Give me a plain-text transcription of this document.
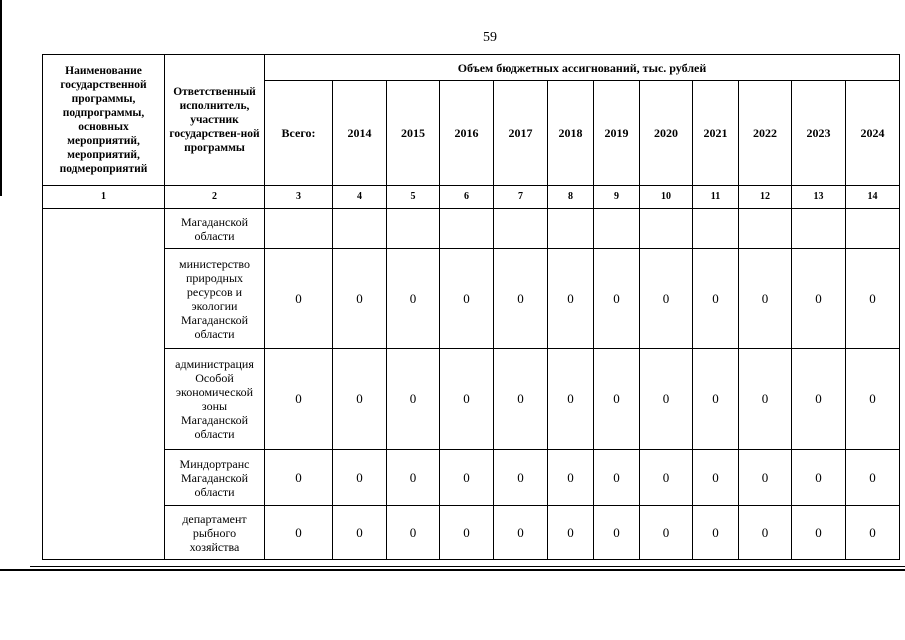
59
Наименование государственной программы, подпрограммы, основных мероприятий, мероприятий, подмероприятий	Ответственный исполнитель, участник государствен-ной программы	Объем бюджетных ассигнований, тыс. рублей											
		Всего:	2014	2015	2016	2017	2018	2019	2020	2021	2022	2023	2024
1	2	3	4	5	6	7	8	9	10	11	12	13	14
	Магаданской области												
	министерство природных ресурсов и экологии Магаданской области	0	0	0	0	0	0	0	0	0	0	0	0
	администрация Особой экономической зоны Магаданской области	0	0	0	0	0	0	0	0	0	0	0	0
	Миндортранс Магаданской области	0	0	0	0	0	0	0	0	0	0	0	0
	департамент рыбного хозяйства	0	0	0	0	0	0	0	0	0	0	0	0
